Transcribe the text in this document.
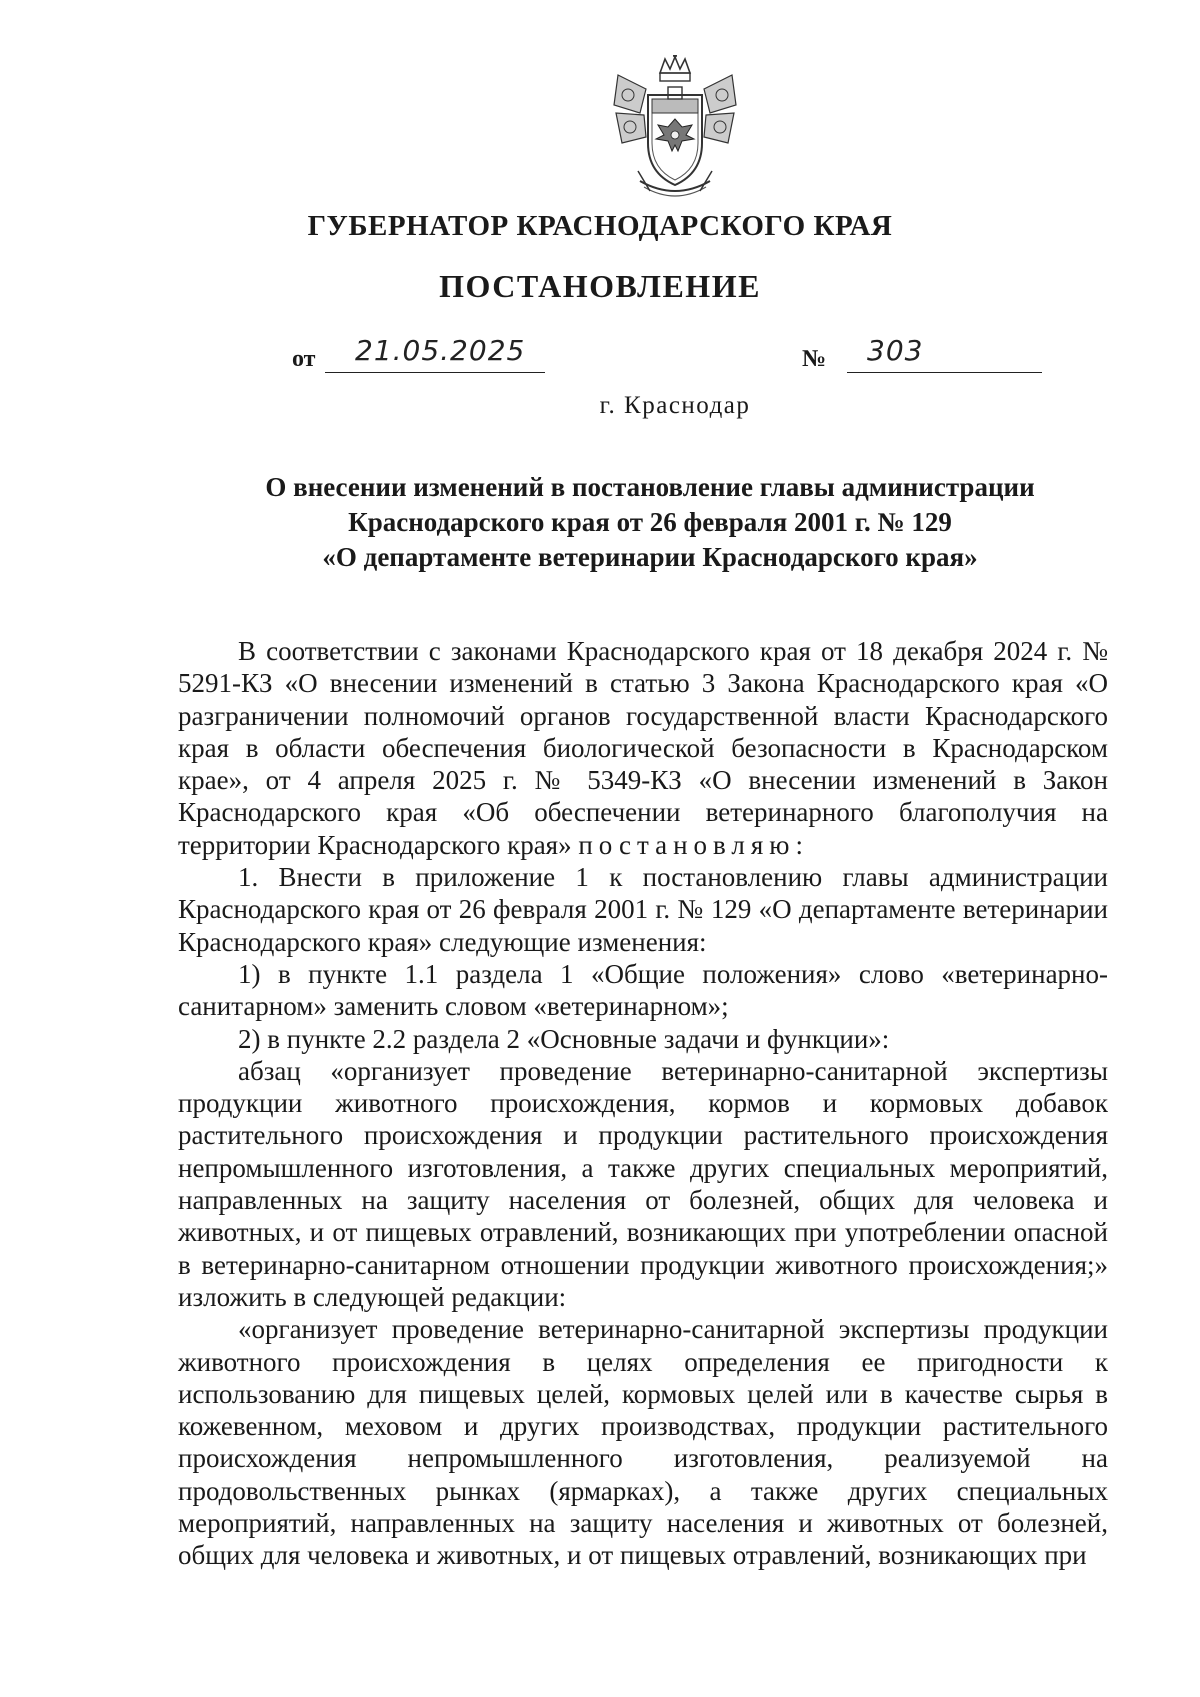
ГУБЕРНАТОР КРАСНОДАРСКОГО КРАЯ
ПОСТАНОВЛЕНИЕ
от 21.05.2025	№ 303
г. Краснодар
О внесении изменений в постановление главы администрации
Краснодарского края от 26 февраля 2001 г. № 129
«О департаменте ветеринарии Краснодарского края»

В соответствии с законами Краснодарского края от 18 декабря 2024 г. № 5291-КЗ «О внесении изменений в статью 3 Закона Краснодарского края «О разграничении полномочий органов государственной власти Краснодарского края в области обеспечения биологической безопасности в Краснодарском крае», от 4 апреля 2025 г. № 5349-КЗ «О внесении изменений в Закон Краснодарского края «Об обеспечении ветеринарного благополучия на территории Краснодарского края» постановляю:

1. Внести в приложение 1 к постановлению главы администрации Краснодарского края от 26 февраля 2001 г. № 129 «О департаменте ветеринарии Краснодарского края» следующие изменения:

1) в пункте 1.1 раздела 1 «Общие положения» слово «ветеринарно-санитарном» заменить словом «ветеринарном»;

2) в пункте 2.2 раздела 2 «Основные задачи и функции»:

абзац «организует проведение ветеринарно-санитарной экспертизы продукции животного происхождения, кормов и кормовых добавок растительного происхождения и продукции растительного происхождения непромышленного изготовления, а также других специальных мероприятий, направленных на защиту населения от болезней, общих для человека и животных, и от пищевых отравлений, возникающих при употреблении опасной в ветеринарно-санитарном отношении продукции животного происхождения;» изложить в следующей редакции:

«организует проведение ветеринарно-санитарной экспертизы продукции животного происхождения в целях определения ее пригодности к использованию для пищевых целей, кормовых целей или в качестве сырья в кожевенном, меховом и других производствах, продукции растительного происхождения непромышленного изготовления, реализуемой на продовольственных рынках (ярмарках), а также других специальных мероприятий, направленных на защиту населения и животных от болезней, общих для человека и животных, и от пищевых отравлений, возникающих при
